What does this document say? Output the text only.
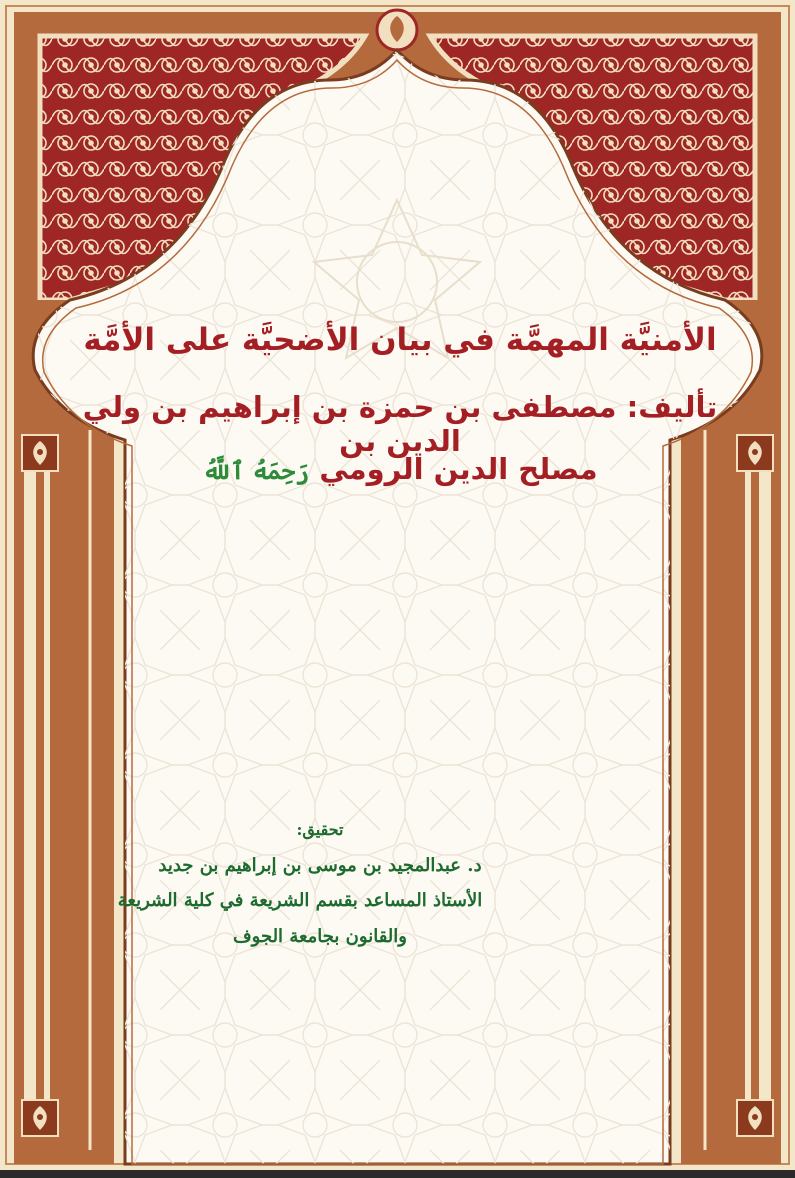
الأمنيَّة المهمَّة في بيان الأضحيَّة على الأمَّة
تأليف: مصطفى بن حمزة بن إبراهيم بن ولي الدين بن
مصلح الدين الرومي رَحِمَهُ ٱللَّهُ
تحقيق:
د. عبدالمجيد بن موسى بن إبراهيم بن جديد
الأستاذ المساعد بقسم الشريعة في كلية الشريعة
والقانون بجامعة الجوف
